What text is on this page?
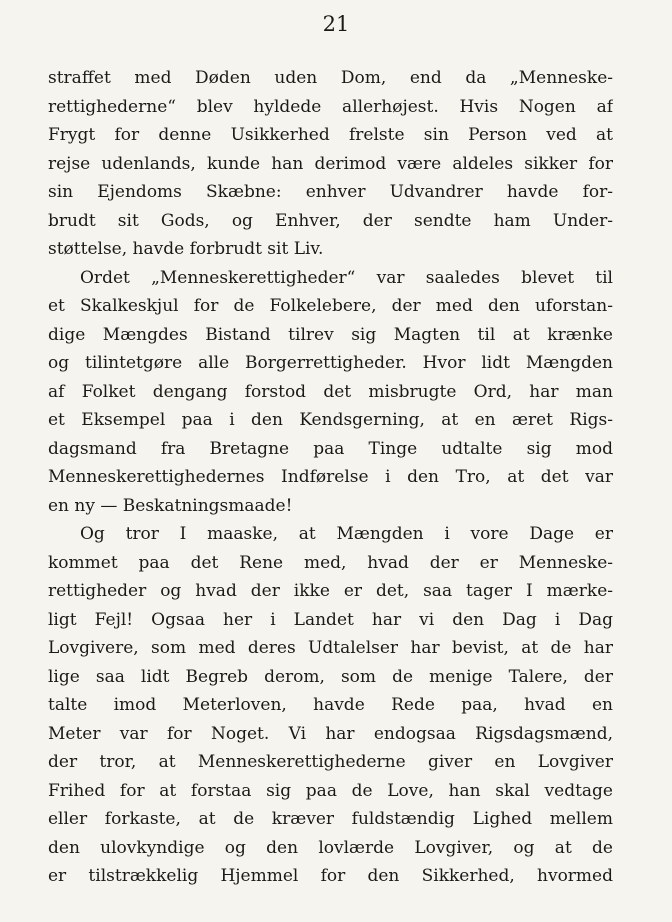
21
straffet med Døden uden Dom, end da „Menneske-
rettighederne“ blev hyldede allerhøjest. Hvis Nogen af
Frygt for denne Usikkerhed frelste sin Person ved at
rejse udenlands, kunde han derimod være aldeles sikker for
sin Ejendoms Skæbne: enhver Udvandrer havde for-
brudt sit Gods, og Enhver, der sendte ham Under-
støttelse, havde forbrudt sit Liv.
Ordet „Menneskerettigheder“ var saaledes blevet til
et Skalkeskjul for de Folkelebere, der med den uforstan-
dige Mængdes Bistand tilrev sig Magten til at krænke
og tilintetgøre alle Borgerrettigheder. Hvor lidt Mængden
af Folket dengang forstod det misbrugte Ord, har man
et Eksempel paa i den Kendsgerning, at en æret Rigs-
dagsmand fra Bretagne paa Tinge udtalte sig mod
Menneskerettighedernes Indførelse i den Tro, at det var
en ny — Beskatningsmaade!
Og tror I maaske, at Mængden i vore Dage er
kommet paa det Rene med, hvad der er Menneske-
rettigheder og hvad der ikke er det, saa tager I mærke-
ligt Fejl! Ogsaa her i Landet har vi den Dag i Dag
Lovgivere, som med deres Udtalelser har bevist, at de har
lige saa lidt Begreb derom, som de menige Talere, der
talte imod Meterloven, havde Rede paa, hvad en
Meter var for Noget. Vi har endogsaa Rigsdagsmænd,
der tror, at Menneskerettighederne giver en Lovgiver
Frihed for at forstaa sig paa de Love, han skal vedtage
eller forkaste, at de kræver fuldstændig Lighed mellem
den ulovkyndige og den lovlærde Lovgiver, og at de
er tilstrækkelig Hjemmel for den Sikkerhed, hvormed
